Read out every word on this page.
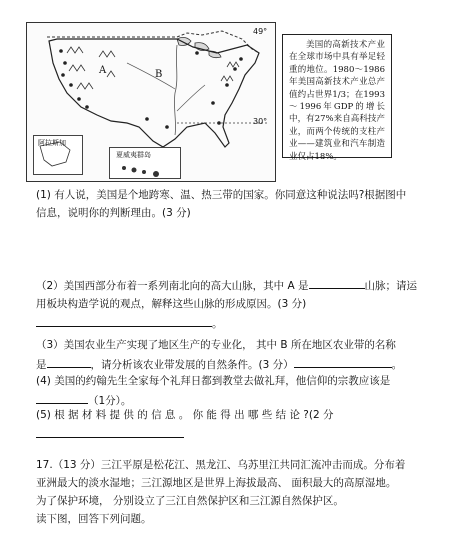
A	B
49°
30°
阿拉斯加
夏威夷群岛
美国的高新技术产业在全球市场中具有举足轻重的地位。1980～1986年美国高新技术产业总产值约占世界1/3；在1993～1996年GDP的增长中，有27%来自高科技产业，而两个传统的支柱产业——建筑业和汽车制造业仅占18%。
(1) 有人说，美国是个地跨寒、温、热三带的国家。你同意这种说法吗?根据图中
信息，说明你的判断理由。(3 分)
（2）美国西部分布着一系列南北向的高大山脉，其中 A 是	山脉；请运
用板块构造学说的观点，解释这些山脉的形成原因。(3 分)
。
（3）美国农业生产实现了地区生产的专业化， 其中 B 所在地区农业带的名称
是	，请分析该农业带发展的自然条件。(3 分）	。
(4) 美国的约翰先生全家每个礼拜日都到教堂去做礼拜，他信仰的宗教应该是
（1分）。
(5) 根 据 材 料 提 供 的 信 息 。 你 能 得 出 哪 些 结 论 ?(2 分
17.（13 分）三江平原是松花江、黑龙江、乌苏里江共同汇流冲击而成。分布着
亚洲最大的淡水湿地；三江源地区是世界上海拔最高、 面积最大的高原湿地。
为了保护环境， 分别设立了三江自然保护区和三江源自然保护区。
读下图，回答下列问题。
